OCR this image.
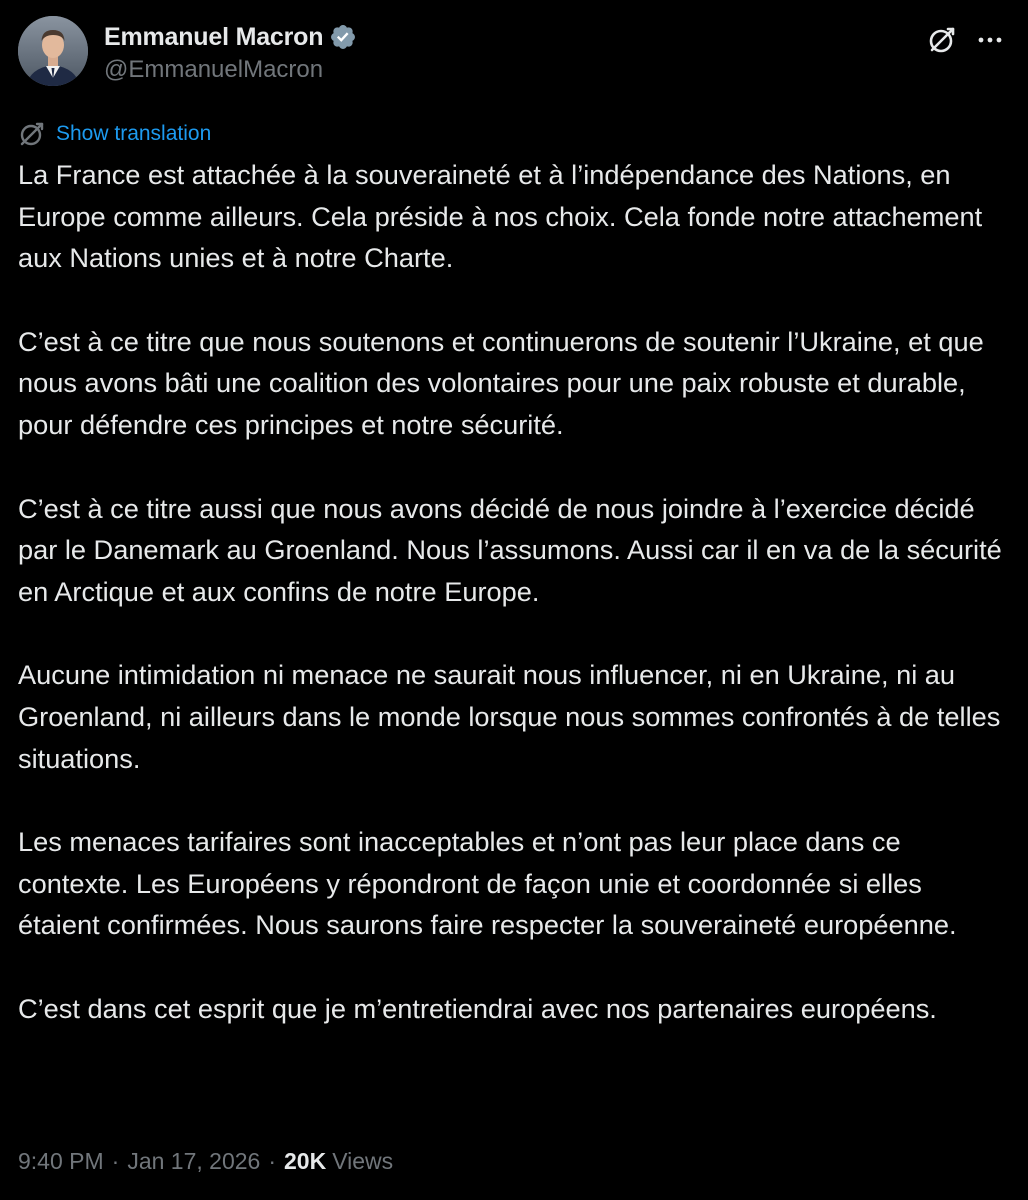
Emmanuel Macron
@EmmanuelMacron
Show translation

La France est attachée à la souveraineté et à l’indépendance des Nations, en Europe comme ailleurs. Cela préside à nos choix. Cela fonde notre attachement aux Nations unies et à notre Charte.

C’est à ce titre que nous soutenons et continuerons de soutenir l’Ukraine, et que nous avons bâti une coalition des volontaires pour une paix robuste et durable, pour défendre ces principes et notre sécurité.

C’est à ce titre aussi que nous avons décidé de nous joindre à l’exercice décidé par le Danemark au Groenland. Nous l’assumons. Aussi car il en va de la sécurité en Arctique et aux confins de notre Europe.

Aucune intimidation ni menace ne saurait nous influencer, ni en Ukraine, ni au Groenland, ni ailleurs dans le monde lorsque nous sommes confrontés à de telles situations.

Les menaces tarifaires sont inacceptables et n’ont pas leur place dans ce contexte. Les Européens y répondront de façon unie et coordonnée si elles étaient confirmées. Nous saurons faire respecter la souveraineté européenne.

C’est dans cet esprit que je m’entretiendrai avec nos partenaires européens.

9:40 PM · Jan 17, 2026 · 20K Views
